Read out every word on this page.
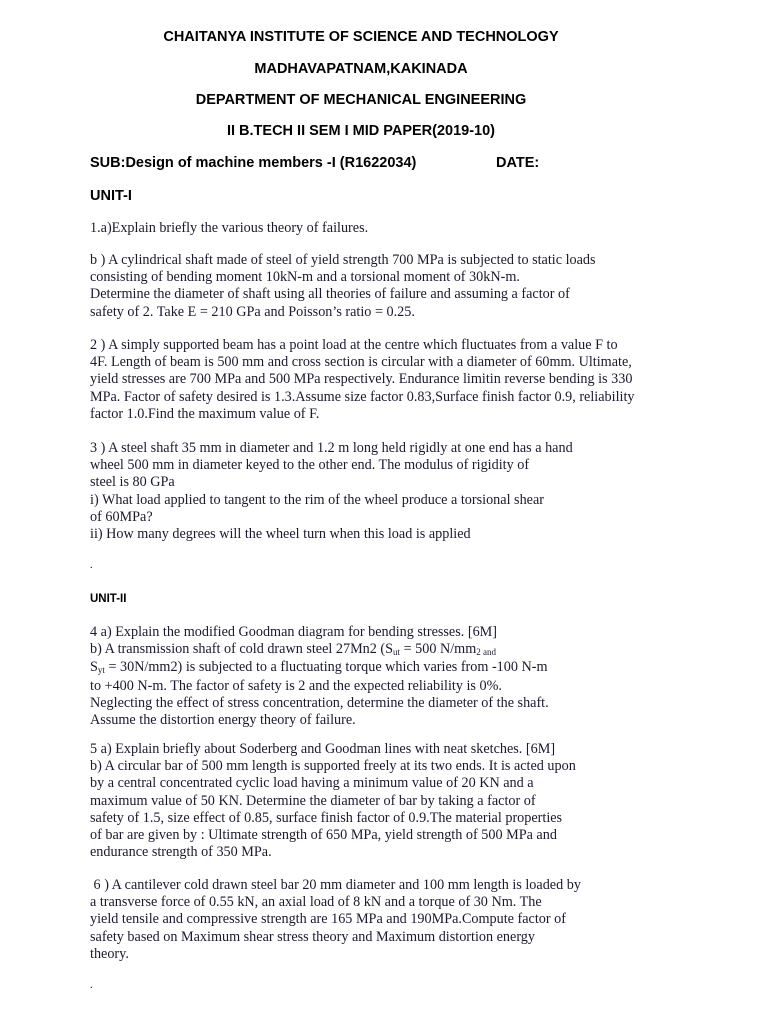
CHAITANYA INSTITUTE OF SCIENCE AND TECHNOLOGY
MADHAVAPATNAM,KAKINADA
DEPARTMENT OF MECHANICAL ENGINEERING
II B.TECH II SEM I MID PAPER(2019-10)
SUB:Design of machine members -I (R1622034)	DATE:
UNIT-I
1.a)Explain briefly the various theory of failures.
b ) A cylindrical shaft made of steel of yield strength 700 MPa is subjected to static loads
consisting of bending moment 10kN-m and a torsional moment of 30kN-m.
Determine the diameter of shaft using all theories of failure and assuming a factor of
safety of 2. Take E = 210 GPa and Poisson’s ratio = 0.25.
2 ) A simply supported beam has a point load at the centre which fluctuates from a value F to
4F. Length of beam is 500 mm and cross section is circular with a diameter of 60mm. Ultimate,
yield stresses are 700 MPa and 500 MPa respectively. Endurance limitin reverse bending is 330
MPa. Factor of safety desired is 1.3.Assume size factor 0.83,Surface finish factor 0.9, reliability
factor 1.0.Find the maximum value of F.
3 ) A steel shaft 35 mm in diameter and 1.2 m long held rigidly at one end has a hand
wheel 500 mm in diameter keyed to the other end. The modulus of rigidity of
steel is 80 GPa
i) What load applied to tangent to the rim of the wheel produce a torsional shear
of 60MPa?
ii) How many degrees will the wheel turn when this load is applied
.
UNIT-II
4 a) Explain the modified Goodman diagram for bending stresses. [6M]
b) A transmission shaft of cold drawn steel 27Mn2 ($S_{ut} = 500$ $N/mm_{2 and}$
$S_{yt} = 30N/mm2$) is subjected to a fluctuating torque which varies from -100 N-m
to +400 N-m. The factor of safety is 2 and the expected reliability is 0%.
Neglecting the effect of stress concentration, determine the diameter of the shaft.
Assume the distortion energy theory of failure.
5 a) Explain briefly about Soderberg and Goodman lines with neat sketches. [6M]
b) A circular bar of 500 mm length is supported freely at its two ends. It is acted upon
by a central concentrated cyclic load having a minimum value of 20 KN and a
maximum value of 50 KN. Determine the diameter of bar by taking a factor of
safety of 1.5, size effect of 0.85, surface finish factor of 0.9.The material properties
of bar are given by : Ultimate strength of 650 MPa, yield strength of 500 MPa and
endurance strength of 350 MPa.
6 ) A cantilever cold drawn steel bar 20 mm diameter and 100 mm length is loaded by
a transverse force of 0.55 kN, an axial load of 8 kN and a torque of 30 Nm. The
yield tensile and compressive strength are 165 MPa and 190MPa.Compute factor of
safety based on Maximum shear stress theory and Maximum distortion energy
theory.
.
